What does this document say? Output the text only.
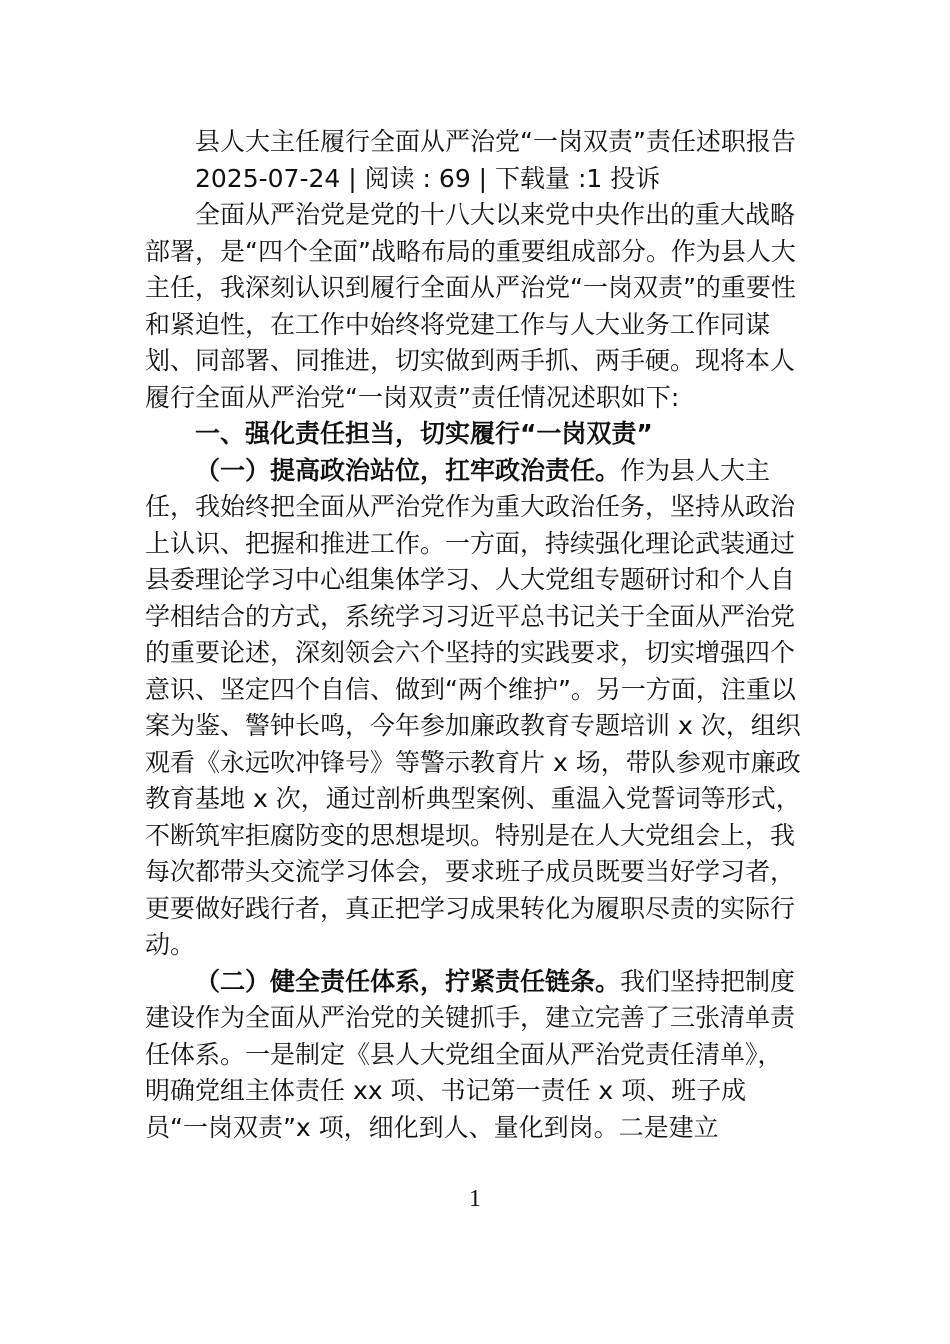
县人大主任履行全面从严治党“一岗双责”责任述职报告

2025-07-24 | 阅读 : 69 | 下载量 :1 投诉

全面从严治党是党的十八大以来党中央作出的重大战略部署，是“四个全面”战略布局的重要组成部分。作为县人大主任，我深刻认识到履行全面从严治党“一岗双责”的重要性和紧迫性，在工作中始终将党建工作与人大业务工作同谋划、同部署、同推进，切实做到两手抓、两手硬。现将本人履行全面从严治党“一岗双责”责任情况述职如下:

一、强化责任担当，切实履行“一岗双责”

（一）提高政治站位，扛牢政治责任。作为县人大主任，我始终把全面从严治党作为重大政治任务，坚持从政治上认识、把握和推进工作。一方面，持续强化理论武装通过县委理论学习中心组集体学习、人大党组专题研讨和个人自学相结合的方式，系统学习习近平总书记关于全面从严治党的重要论述，深刻领会六个坚持的实践要求，切实增强四个意识、坚定四个自信、做到“两个维护”。另一方面，注重以案为鉴、警钟长鸣，今年参加廉政教育专题培训 x 次，组织观看《永远吹冲锋号》等警示教育片 x 场，带队参观市廉政教育基地 x 次，通过剖析典型案例、重温入党誓词等形式，不断筑牢拒腐防变的思想堤坝。特别是在人大党组会上，我每次都带头交流学习体会，要求班子成员既要当好学习者，更要做好践行者，真正把学习成果转化为履职尽责的实际行动。

（二）健全责任体系，拧紧责任链条。我们坚持把制度建设作为全面从严治党的关键抓手，建立完善了三张清单责任体系。一是制定《县人大党组全面从严治党责任清单》，明确党组主体责任 xx 项、书记第一责任 x 项、班子成员“一岗双责”x 项，细化到人、量化到岗。二是建立

1
